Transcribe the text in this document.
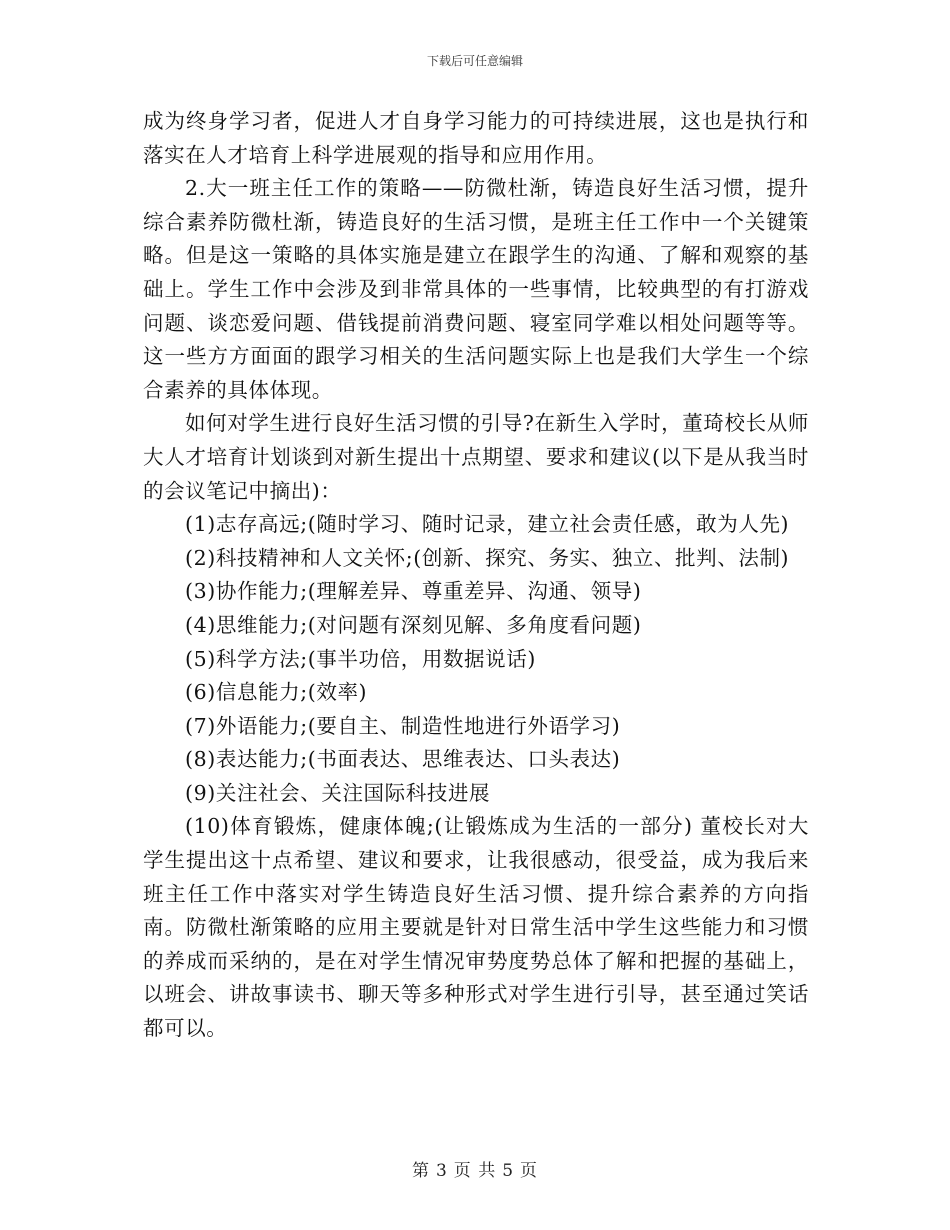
下载后可任意编辑

成为终身学习者，促进人才自身学习能力的可持续进展，这也是执行和落实在人才培育上科学进展观的指导和应用作用。

2.大一班主任工作的策略——防微杜渐，铸造良好生活习惯，提升综合素养防微杜渐，铸造良好的生活习惯，是班主任工作中一个关键策略。但是这一策略的具体实施是建立在跟学生的沟通、了解和观察的基础上。学生工作中会涉及到非常具体的一些事情，比较典型的有打游戏问题、谈恋爱问题、借钱提前消费问题、寝室同学难以相处问题等等。这一些方方面面的跟学习相关的生活问题实际上也是我们大学生一个综合素养的具体体现。

如何对学生进行良好生活习惯的引导?在新生入学时，董琦校长从师大人才培育计划谈到对新生提出十点期望、要求和建议(以下是从我当时的会议笔记中摘出)：

(1)志存高远;(随时学习、随时记录，建立社会责任感，敢为人先)

(2)科技精神和人文关怀;(创新、探究、务实、独立、批判、法制)

(3)协作能力;(理解差异、尊重差异、沟通、领导)

(4)思维能力;(对问题有深刻见解、多角度看问题)

(5)科学方法;(事半功倍，用数据说话)

(6)信息能力;(效率)

(7)外语能力;(要自主、制造性地进行外语学习)

(8)表达能力;(书面表达、思维表达、口头表达)

(9)关注社会、关注国际科技进展

(10)体育锻炼，健康体魄;(让锻炼成为生活的一部分) 董校长对大学生提出这十点希望、建议和要求，让我很感动，很受益，成为我后来班主任工作中落实对学生铸造良好生活习惯、提升综合素养的方向指南。防微杜渐策略的应用主要就是针对日常生活中学生这些能力和习惯的养成而采纳的，是在对学生情况审势度势总体了解和把握的基础上，以班会、讲故事读书、聊天等多种形式对学生进行引导，甚至通过笑话都可以。

第 3 页 共 5 页
